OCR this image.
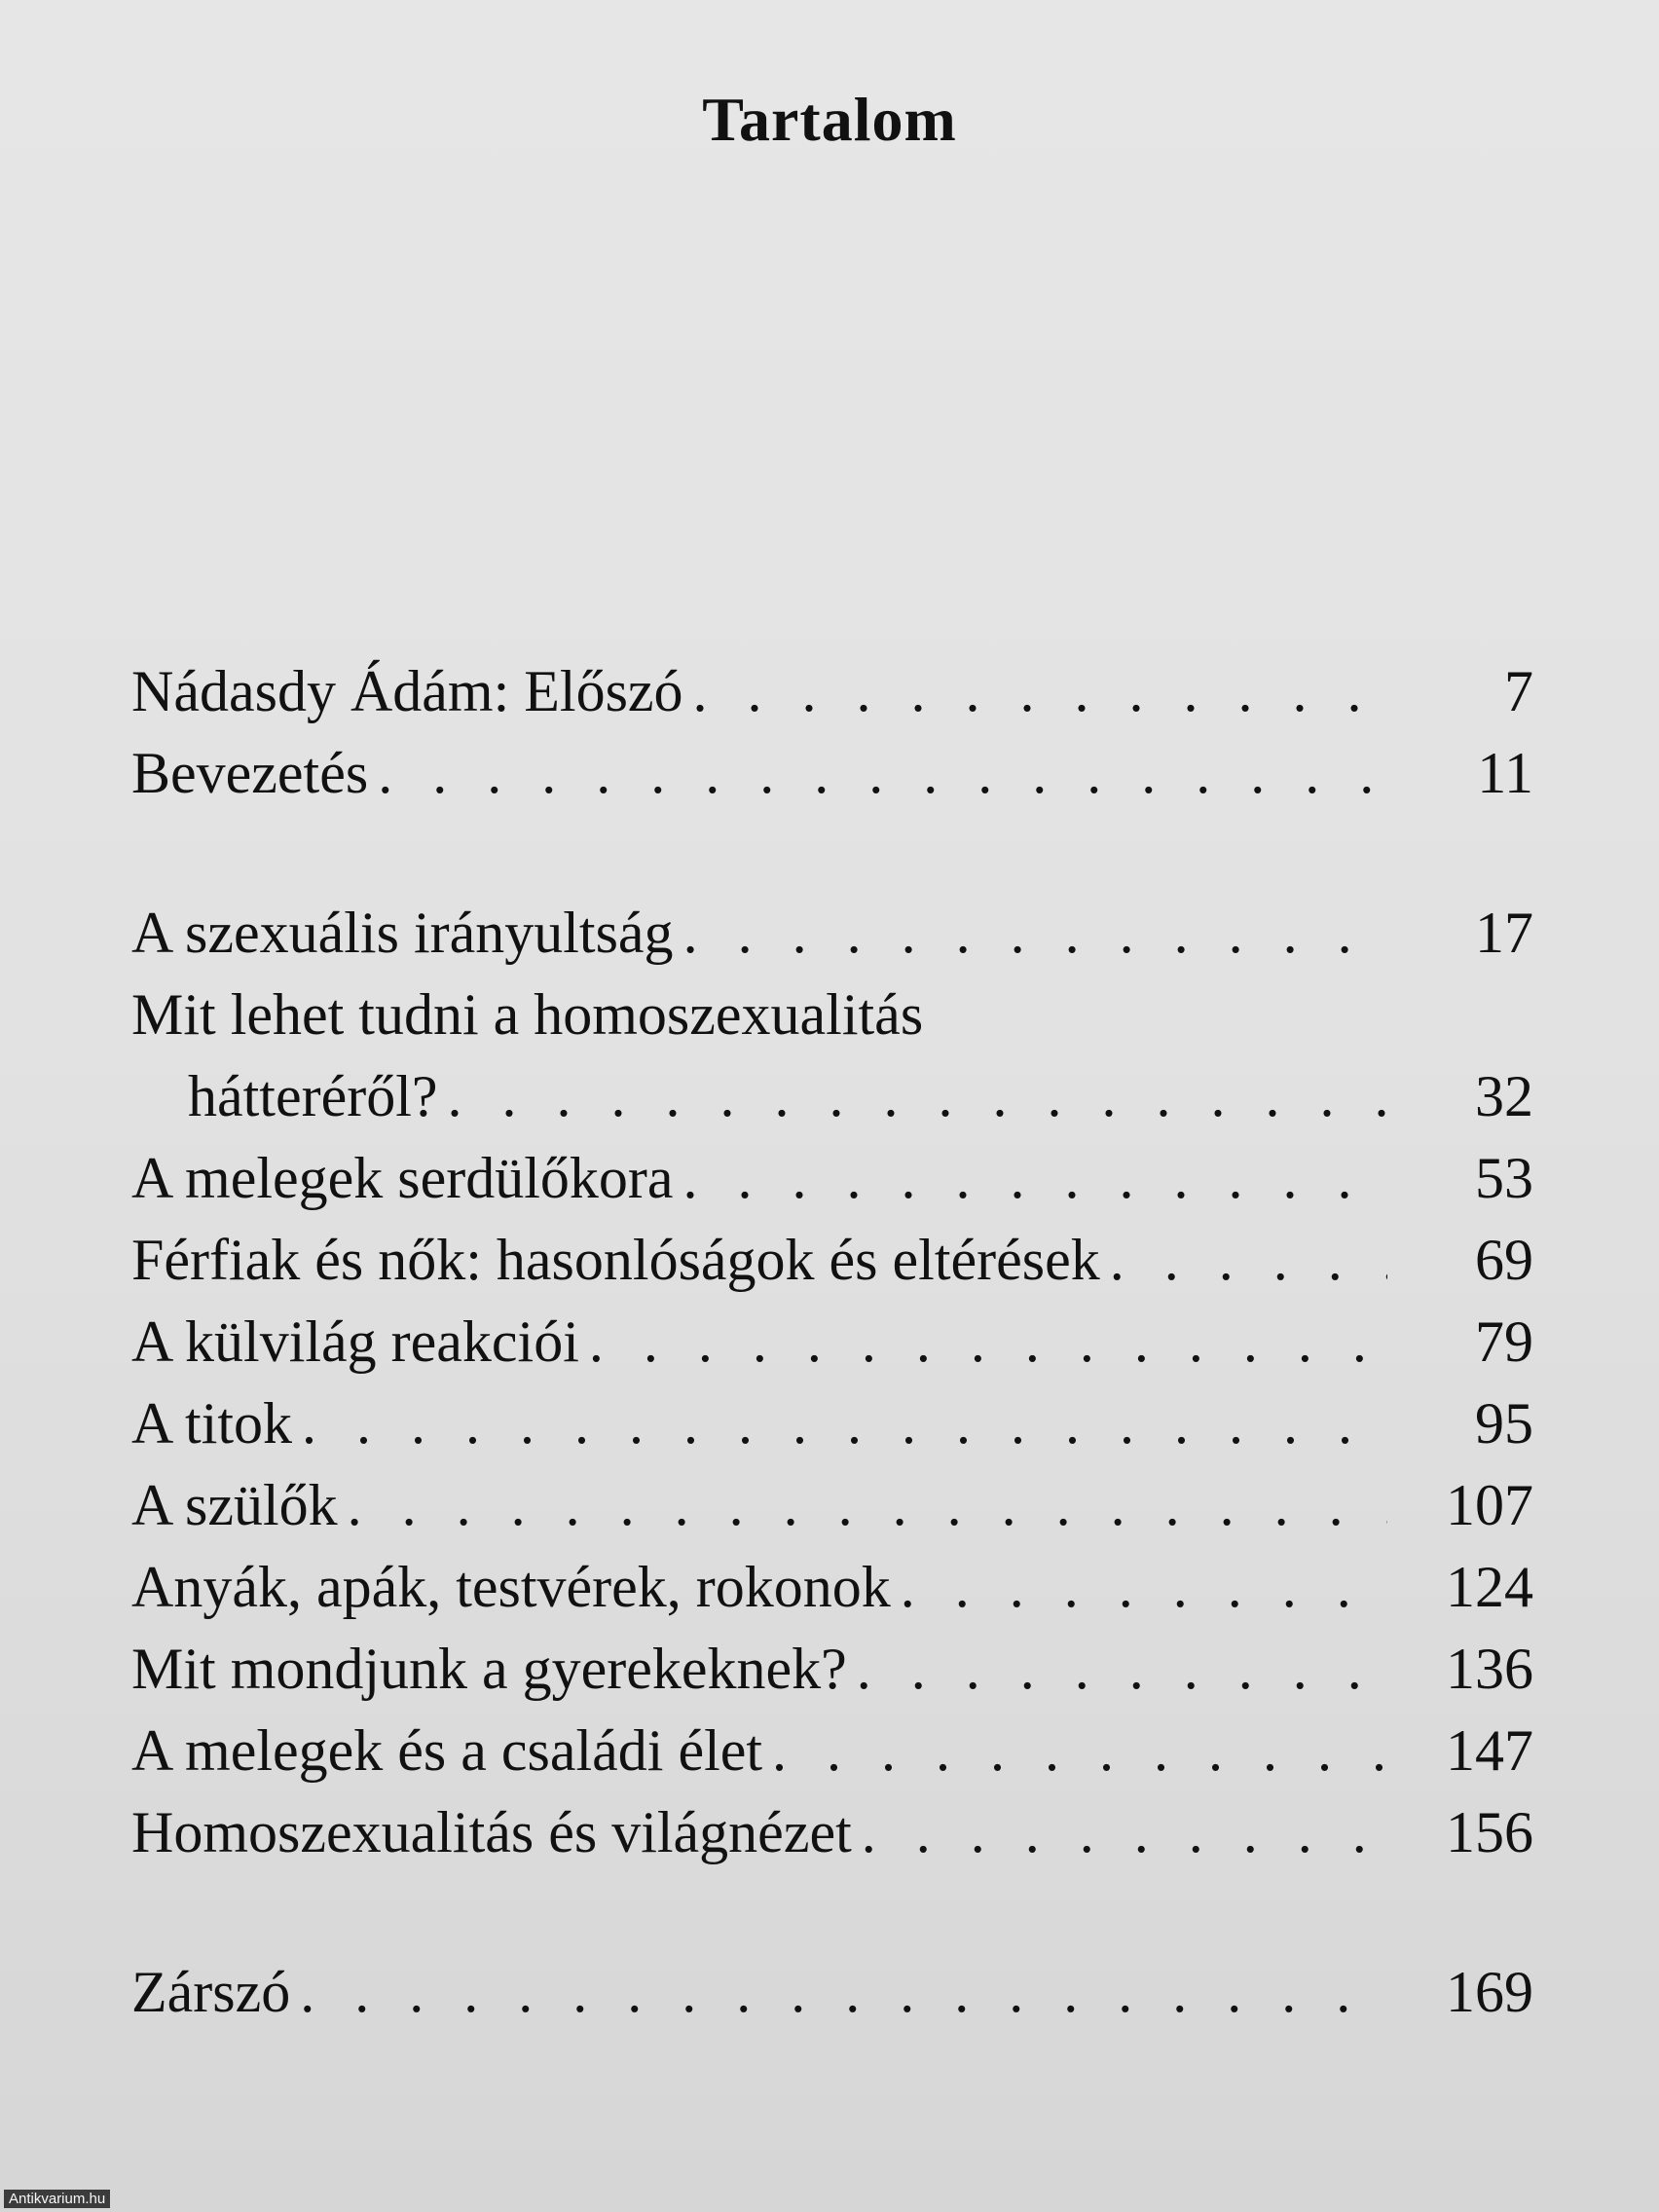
Tartalom
Nádasdy Ádám: Előszó . . .	7
Bevezetés . . .	11
A szexuális irányultság . . .	17
Mit lehet tudni a homoszexualitás
hátteréről? . . .	32
A melegek serdülőkora . . .	53
Férfiak és nők: hasonlóságok és eltérések . . .	69
A külvilág reakciói . . .	79
A titok . . .	95
A szülők . . .	107
Anyák, apák, testvérek, rokonok . . .	124
Mit mondjunk a gyerekeknek? . . .	136
A melegek és a családi élet . . .	147
Homoszexualitás és világnézet . . .	156
Zárszó . . .	169
Antikvarium.hu
